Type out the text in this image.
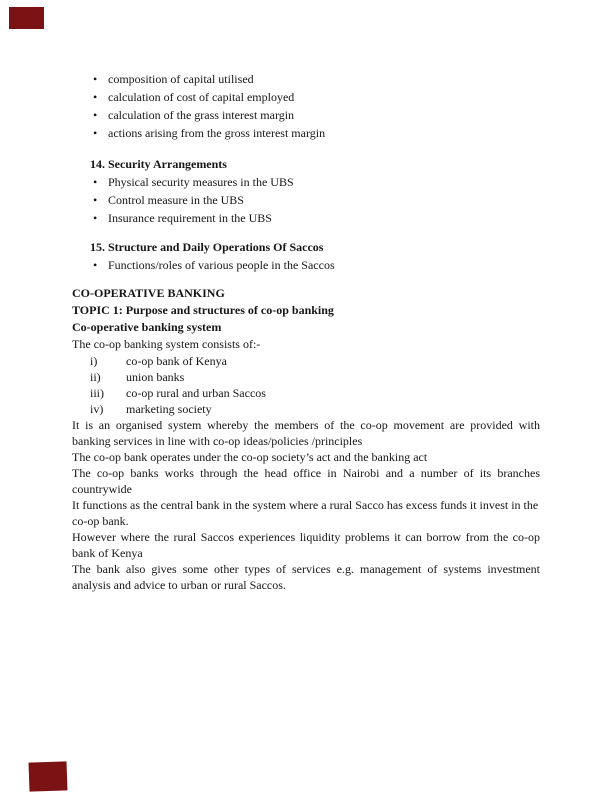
• composition of capital utilised
• calculation of cost of capital employed
• calculation of the grass interest margin
• actions arising from the gross interest margin
14. Security Arrangements
• Physical security measures in the UBS
• Control measure in the UBS
• Insurance requirement in the UBS
15. Structure and Daily Operations Of Saccos
• Functions/roles of various people in the Saccos
CO-OPERATIVE BANKING
TOPIC 1: Purpose and structures of co-op banking
Co-operative banking system
The co-op banking system consists of:-
i) co-op bank of Kenya
ii) union banks
iii) co-op rural and urban Saccos
iv) marketing society
It is an organised system whereby the members of the co-op movement are provided with
banking services in line with co-op ideas/policies /principles
The co-op bank operates under the co-op society’s act and the banking act
The co-op banks works through the head office in Nairobi and a number of its branches
countrywide
It functions as the central bank in the system where a rural Sacco has excess funds it invest in the
co-op bank.
However where the rural Saccos experiences liquidity problems it can borrow from the co-op
bank of Kenya
The bank also gives some other types of services e.g. management of systems investment
analysis and advice to urban or rural Saccos.
